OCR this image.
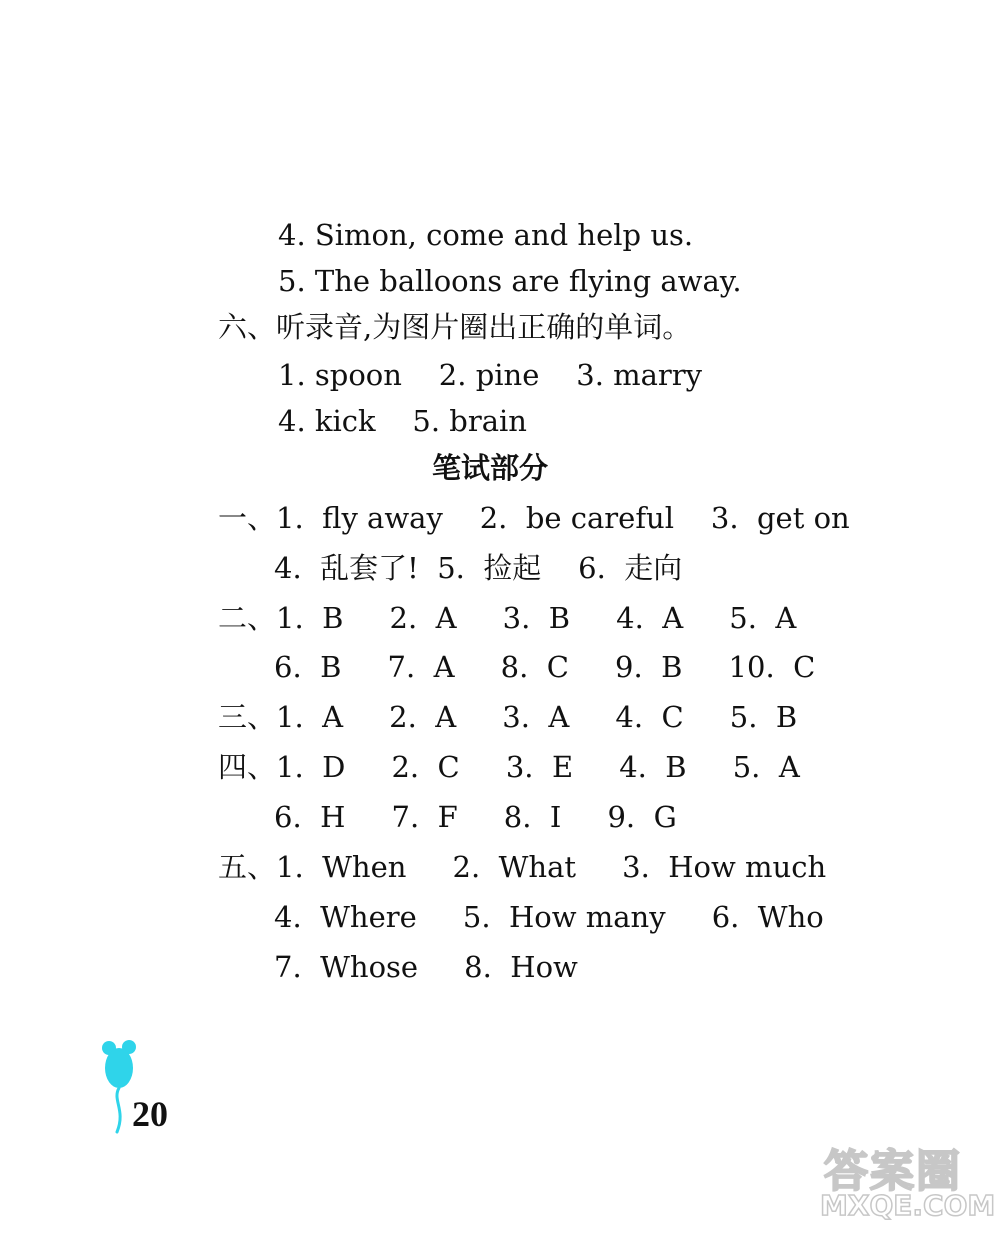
4. Simon, come and help us.
5. The balloons are flying away.
六、听录音,为图片圈出正确的单词。
1. spoon    2. pine    3. marry
4. kick    5. brain
笔试部分
一、1.  fly away    2.  be careful    3.  get on
4.  乱套了!  5.  捡起    6.  走向
二、1.  B     2.  A     3.  B     4.  A     5.  A
6.  B     7.  A     8.  C     9.  B     10.  C
三、1.  A     2.  A     3.  A     4.  C     5.  B
四、1.  D     2.  C     3.  E     4.  B     5.  A
6.  H     7.  F     8.  I     9.  G
五、1.  When     2.  What     3.  How much
4.  Where     5.  How many     6.  Who
7.  Whose     8.  How
20
答案圈
MXQE.COM
